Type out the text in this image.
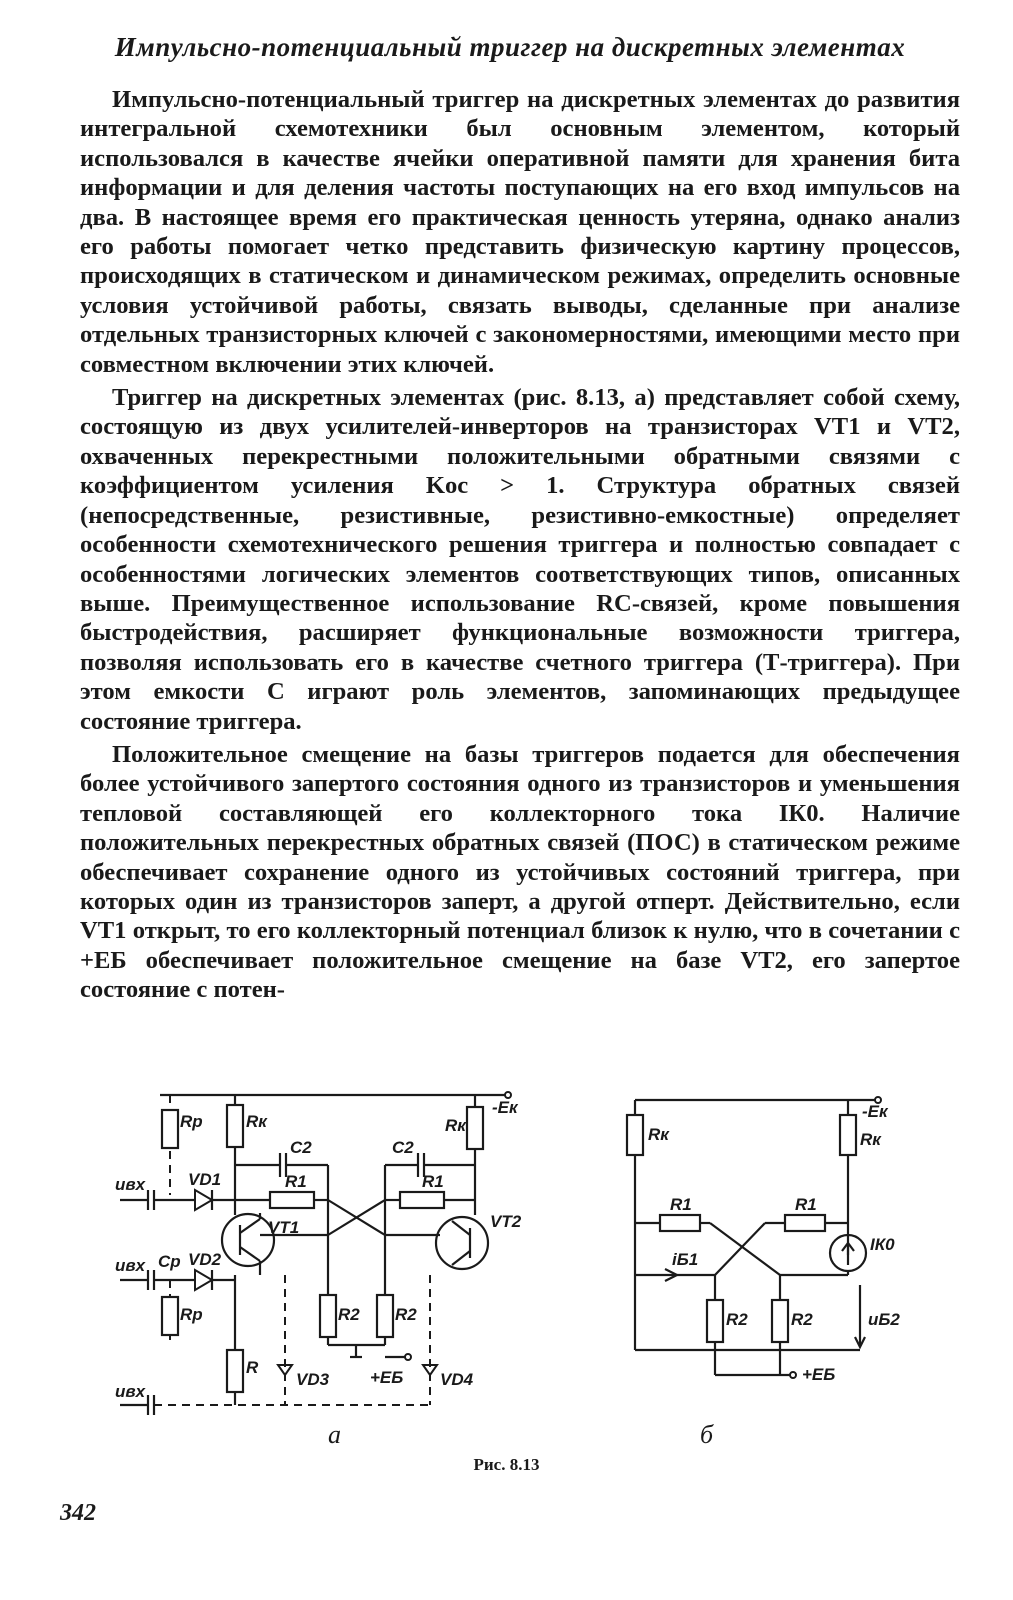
Импульсно-потенциальный триггер на дискретных элементах

Импульсно-потенциальный триггер на дискретных элементах до развития интегральной схемотехники был основным элементом, который использовался в качестве ячейки оперативной памяти для хранения бита информации и для деления частоты поступающих на его вход импульсов на два. В настоящее время его практическая ценность утеряна, однако анализ его работы помогает четко представить физическую картину процессов, происходящих в статическом и динамическом режимах, определить основные условия устойчивой работы, связать выводы, сделанные при анализе отдельных транзисторных ключей с закономерностями, имеющими место при совместном включении этих ключей.

Триггер на дискретных элементах (рис. 8.13, а) представляет собой схему, состоящую из двух усилителей-инверторов на транзисторах VT1 и VT2, охваченных перекрестными положительными обратными связями с коэффициентом усиления Kос > 1. Структура обратных связей (непосредственные, резистивные, резистивно-емкостные) определяет особенности схемотехнического решения триггера и полностью совпадает с особенностями логических элементов соответствующих типов, описанных выше. Преимущественное использование RC-связей, кроме повышения быстродействия, расширяет функциональные возможности триггера, позволяя использовать его в качестве счетного триггера (Т-триггера). При этом емкости C играют роль элементов, запоминающих предыдущее состояние триггера.

Положительное смещение на базы триггеров подается для обеспечения более устойчивого запертого состояния одного из транзисторов и уменьшения тепловой составляющей его коллекторного тока IК0. Наличие положительных перекрестных обратных связей (ПОС) в статическом режиме обеспечивает сохранение одного из устойчивых состояний триггера, при которых один из транзисторов заперт, а другой отперт. Действительно, если VT1 открыт, то его коллекторный потенциал близок к нулю, что в сочетании с +EБ обеспечивает положительное смещение на базе VT2, его запертое состояние с потен-

Rр	Rк
C2	C2
Rк
-Eк
uвх	VD1	R1	R1
VT1	VT2
uвх Cр VD2
Rр	R2 R2
R
VD3 +EБ VD4
uвх
а
Rк
-Eк
Rк
R1	R1
IК0
iБ1
R2	R2	uБ2
+EБ
б
Рис. 8.13
342
